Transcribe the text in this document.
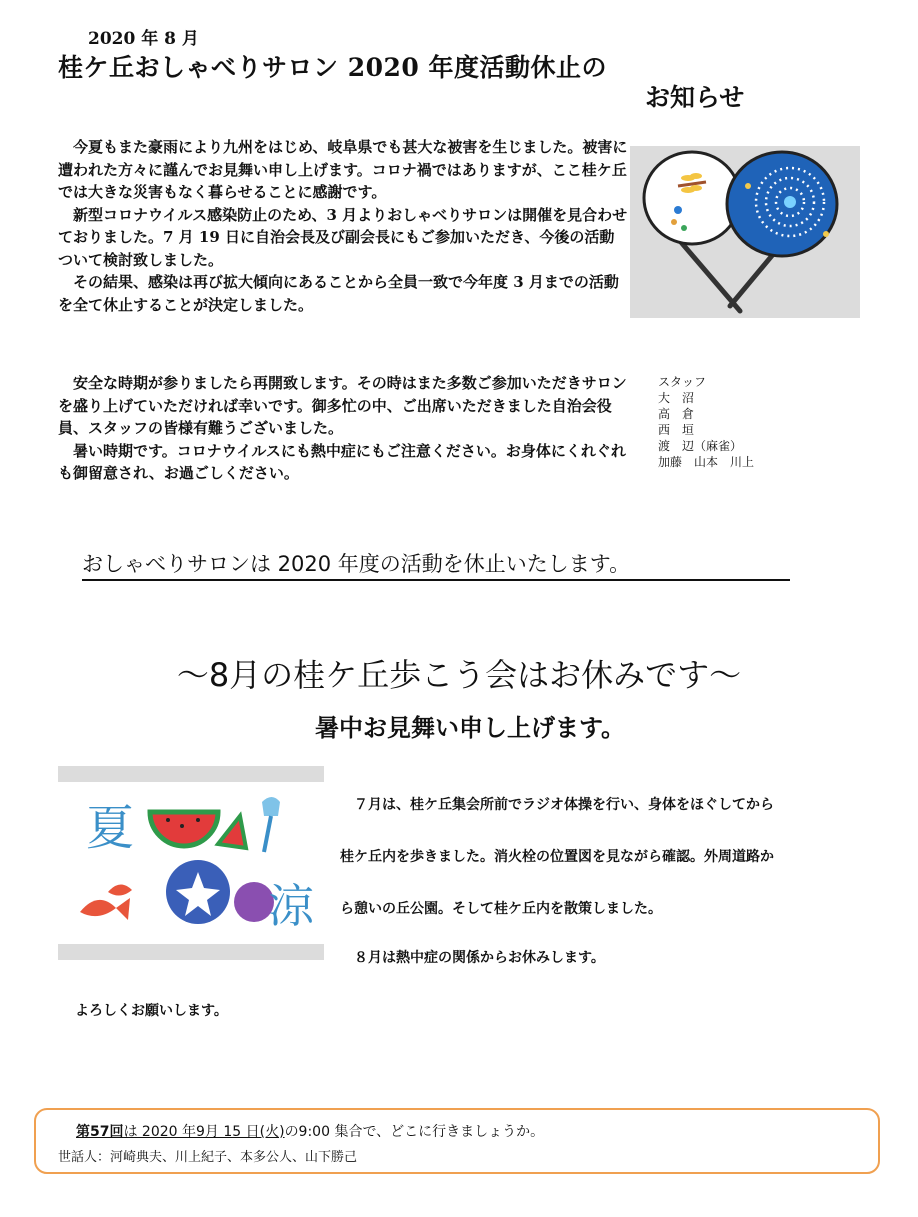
2020 年 8 月
桂ケ丘おしゃべりサロン 2020 年度活動休止の
お知らせ

今夏もまた豪雨により九州をはじめ、岐阜県でも甚大な被害を生じました。被害に遭われた方々に謹んでお見舞い申し上げます。コロナ禍ではありますが、ここ桂ケ丘では大きな災害もなく暮らせることに感謝です。

新型コロナウイルス感染防止のため、3 月よりおしゃべりサロンは開催を見合わせておりました。7 月 19 日に自治会長及び副会長にもご参加いただき、今後の活動ついて検討致しました。

その結果、感染は再び拡大傾向にあることから全員一致で今年度 3 月までの活動を全て休止することが決定しました。

安全な時期が参りましたら再開致します。その時はまた多数ご参加いただきサロンを盛り上げていただければ幸いです。御多忙の中、ご出席いただきました自治会役員、スタッフの皆様有難うございました。

暑い時期です。コロナウイルスにも熱中症にもご注意ください。お身体にくれぐれも御留意され、お過ごしください。

スタッフ
大　沼
高　倉
西　垣
渡　辺（麻雀）
加藤　山本　川上
おしゃべりサロンは 2020 年度の活動を休止いたします。
～8月の桂ケ丘歩こう会はお休みです～
暑中お見舞い申し上げます。
夏
涼
７月は、桂ケ丘集会所前でラジオ体操を行い、身体をほぐしてから
桂ケ丘内を歩きました。消火栓の位置図を見ながら確認。外周道路か
ら憩いの丘公園。そして桂ケ丘内を散策しました。
８月は熱中症の関係からお休みします。
よろしくお願いします。
第57回は 2020 年9月 15 日(火)の9:00 集合で、どこに行きましょうか。
世話人：河崎典夫、川上紀子、本多公人、山下勝己
